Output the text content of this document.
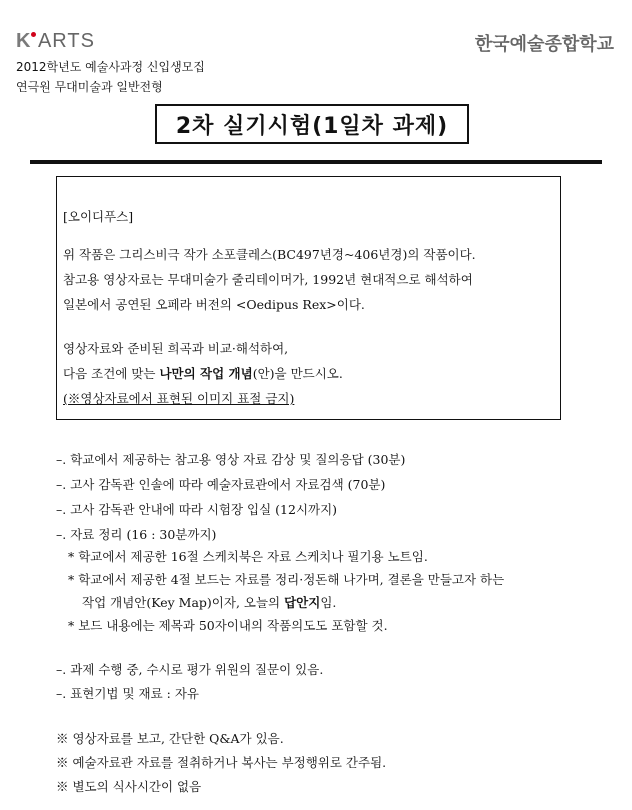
K ARTS	한국예술종합학교
2012학년도 예술사과정 신입생모집
연극원 무대미술과 일반전형
2차 실기시험(1일차 과제)
[오이디푸스]
위 작품은 그리스비극 작가 소포클레스(BC497년경~406년경)의 작품이다.
참고용 영상자료는 무대미술가 줄리테이머가, 1992년 현대적으로 해석하여
일본에서 공연된 오페라 버전의 <Oedipus Rex>이다.
영상자료와 준비된 희곡과 비교·해석하여,
다음 조건에 맞는 나만의 작업 개념(안)을 만드시오.
(※영상자료에서 표현된 이미지 표절 금지)
–. 학교에서 제공하는 참고용 영상 자료 감상 및 질의응답 (30분)
–. 고사 감독관 인솔에 따라 예술자료관에서 자료검색 (70분)
–. 고사 감독관 안내에 따라 시험장 입실 (12시까지)
–. 자료 정리 (16 : 30분까지)
* 학교에서 제공한 16절 스케치북은 자료 스케치나 필기용 노트임.
* 학교에서 제공한 4절 보드는 자료를 정리·정돈해 나가며, 결론을 만들고자 하는
작업 개념안(Key Map)이자, 오늘의 답안지임.
* 보드 내용에는 제목과 50자이내의 작품의도도 포함할 것.
–. 과제 수행 중, 수시로 평가 위원의 질문이 있음.
–. 표현기법 및 재료 : 자유
※ 영상자료를 보고, 간단한 Q&A가 있음.
※ 예술자료관 자료를 절취하거나 복사는 부정행위로 간주됨.
※ 별도의 식사시간이 없음
